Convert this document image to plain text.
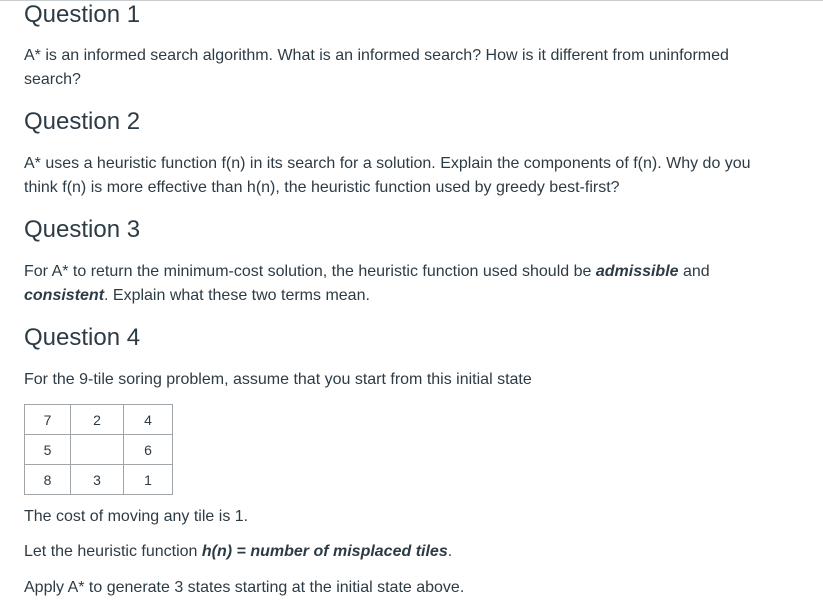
Question 1

A* is an informed search algorithm. What is an informed search? How is it different from uninformed search?

Question 2

A* uses a heuristic function f(n) in its search for a solution. Explain the components of f(n). Why do you think f(n) is more effective than h(n), the heuristic function used by greedy best-first?

Question 3

For A* to return the minimum-cost solution, the heuristic function used should be admissible and consistent. Explain what these two terms mean.

Question 4

For the 9-tile soring problem, assume that you start from this initial state

The cost of moving any tile is 1.

Let the heuristic function h(n) = number of misplaced tiles.

Apply A* to generate 3 states starting at the initial state above.

7	2	4
5		6
8	3	1
